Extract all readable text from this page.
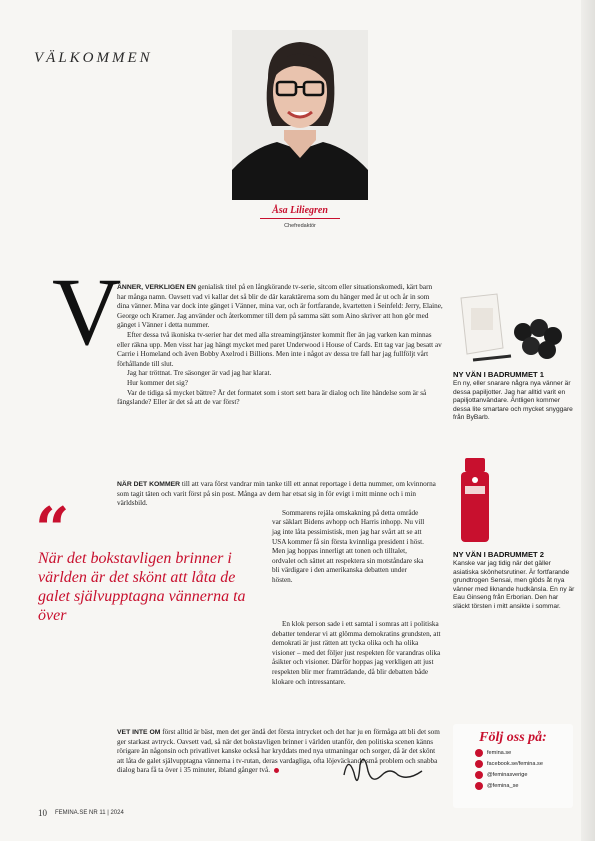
VÄLKOMMEN
Åsa Liliegren
Chefredaktör
V

ÄNNER, VERKLIGEN EN genialisk titel på en långkörande tv-serie, sitcom eller situationskomedi, kärt barn har många namn. Oavsett vad vi kallar det så blir de där karaktärerna som du hänger med år ut och år in som dina vänner. Mina var dock inte gänget i Vänner, mina var, och är fortfarande, kvartetten i Seinfeld: Jerry, Elaine, George och Kramer. Jag använder och återkommer till dem på samma sätt som Aino skriver att hon gör med gänget i Vänner i detta nummer.

Efter dessa två ikoniska tv-serier har det med alla streamingtjänster kommit fler än jag varken kan minnas eller räkna upp. Men visst har jag hängt mycket med paret Underwood i House of Cards. Ett tag var jag besatt av Carrie i Homeland och även Bobby Axelrod i Billions. Men inte i något av dessa tre fall har jag fullföljt vårt förhållande till slut.

Jag har tröttnat. Tre säsonger är vad jag har klarat.

Hur kommer det sig?

Var de tidiga så mycket bättre? Är det formatet som i stort sett bara är dialog och lite händelse som är så fängslande? Eller är det så att de var först?

NÄR DET KOMMER till att vara först vandrar min tanke till ett annat reportage i detta nummer, om kvinnorna som tagit täten och varit först på sin post. Många av dem har etsat sig in för evigt i mitt minne och i min världsbild.

Sommarens rejäla omskakning på detta område var säklart Bidens avhopp och Harris inhopp. Nu vill jag inte låta pessimistisk, men jag har svårt att se att USA kommer få sin första kvinnliga president i höst. Men jag hoppas innerligt att tonen och tilltalet, ordvalet och sättet att respektera sin motståndare ska bli värdigare i den amerikanska debatten under hösten.

En klok person sade i ett samtal i somras att i politiska debatter tenderar vi att glömma demokratins grundsten, att demokrati är just rätten att tycka olika och ha olika visioner – med det följer just respekten för varandras olika åsikter och visioner. Därför hoppas jag verkligen att just respekten blir mer framträdande, då blir debatten både klokare och intressantare.

VET INTE OM först alltid är bäst, men det ger ändå det första intrycket och det har ju en förmåga att bli det som ger starkast avtryck. Oavsett vad, så när det bokstavligen brinner i världen utanför, den politiska scenen känns rörigare än någonsin och privatlivet kanske också har kryddats med nya utmaningar och sorger, då är det skönt att låta de galet självupptagna vännerna i tv-rutan, deras vardagliga, ofta löjeväckande små problem och snabba dialog bara få ta över i 35 minuter, ibland gånger två.

“
När det bokstavligen brinner i världen är det skönt att låta de galet självupptagna vännerna ta över
NY VÄN I BADRUMMET 1
En ny, eller snarare några nya vänner är dessa papiljotter. Jag har alltid varit en papiljottanvändare. Äntligen kommer dessa lite smartare och mycket snyggare från ByBarb.
NY VÄN I BADRUMMET 2
Kanske var jag tidig när det gäller asiatiska skönhetsrutiner. Är fortfarande grundtrogen Sensai, men glöds åt nya vänner med liknande hudkänsla. En ny är Eau Ginseng från Erborian. Den har släckt törsten i mitt ansikte i sommar.
Följ oss på:
femina.se
facebook.se/femina.se
@feminasverige
@femina_se
10 FEMINA.SE NR 11 | 2024
